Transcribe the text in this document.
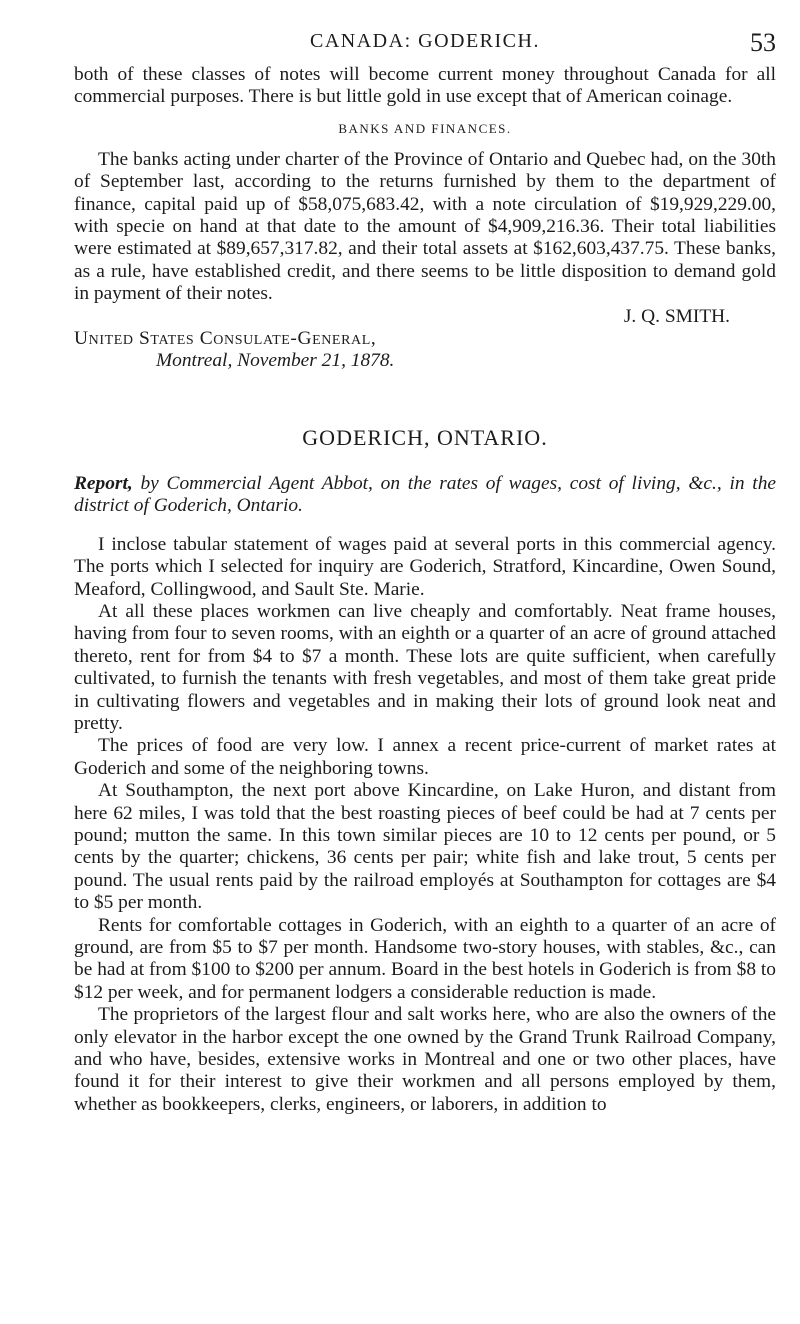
CANADA: GODERICH.	53

both of these classes of notes will become current money throughout Canada for all commercial purposes. There is but little gold in use except that of American coinage.

BANKS AND FINANCES.

The banks acting under charter of the Province of Ontario and Quebec had, on the 30th of September last, according to the returns furnished by them to the department of finance, capital paid up of $58,075,683.42, with a note circulation of $19,929,229.00, with specie on hand at that date to the amount of $4,909,216.36. Their total liabilities were estimated at $89,657,317.82, and their total assets at $162,603,437.75. These banks, as a rule, have established credit, and there seems to be little disposition to demand gold in payment of their notes.

J. Q. SMITH.
United States Consulate-General,
Montreal, November 21, 1878.
GODERICH, ONTARIO.
Report, by Commercial Agent Abbot, on the rates of wages, cost of living, &c., in the district of Goderich, Ontario.

I inclose tabular statement of wages paid at several ports in this commercial agency. The ports which I selected for inquiry are Goderich, Stratford, Kincardine, Owen Sound, Meaford, Collingwood, and Sault Ste. Marie.

At all these places workmen can live cheaply and comfortably. Neat frame houses, having from four to seven rooms, with an eighth or a quarter of an acre of ground attached thereto, rent for from $4 to $7 a month. These lots are quite sufficient, when carefully cultivated, to furnish the tenants with fresh vegetables, and most of them take great pride in cultivating flowers and vegetables and in making their lots of ground look neat and pretty.

The prices of food are very low. I annex a recent price-current of market rates at Goderich and some of the neighboring towns.

At Southampton, the next port above Kincardine, on Lake Huron, and distant from here 62 miles, I was told that the best roasting pieces of beef could be had at 7 cents per pound; mutton the same. In this town similar pieces are 10 to 12 cents per pound, or 5 cents by the quarter; chickens, 36 cents per pair; white fish and lake trout, 5 cents per pound. The usual rents paid by the railroad employés at Southampton for cottages are $4 to $5 per month.

Rents for comfortable cottages in Goderich, with an eighth to a quarter of an acre of ground, are from $5 to $7 per month. Handsome two-story houses, with stables, &c., can be had at from $100 to $200 per annum. Board in the best hotels in Goderich is from $8 to $12 per week, and for permanent lodgers a considerable reduction is made.

The proprietors of the largest flour and salt works here, who are also the owners of the only elevator in the harbor except the one owned by the Grand Trunk Railroad Company, and who have, besides, extensive works in Montreal and one or two other places, have found it for their interest to give their workmen and all persons employed by them, whether as bookkeepers, clerks, engineers, or laborers, in addition to
